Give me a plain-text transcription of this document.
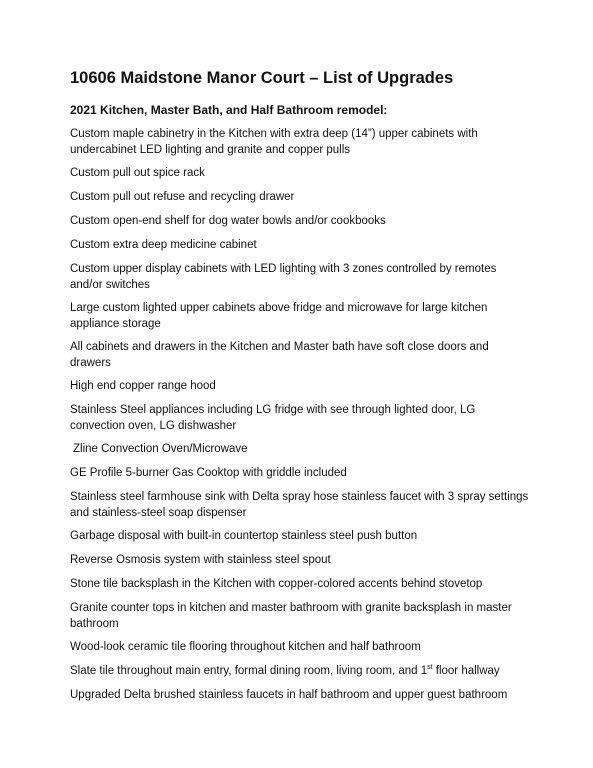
10606 Maidstone Manor Court – List of Upgrades
2021 Kitchen, Master Bath, and Half Bathroom remodel:
Custom maple cabinetry in the Kitchen with extra deep (14”) upper cabinets with undercabinet LED lighting and granite and copper pulls
Custom pull out spice rack
Custom pull out refuse and recycling drawer
Custom open-end shelf for dog water bowls and/or cookbooks
Custom extra deep medicine cabinet
Custom upper display cabinets with LED lighting with 3 zones controlled by remotes and/or switches
Large custom lighted upper cabinets above fridge and microwave for large kitchen appliance storage
All cabinets and drawers in the Kitchen and Master bath have soft close doors and drawers
High end copper range hood
Stainless Steel appliances including LG fridge with see through lighted door, LG convection oven, LG dishwasher
Zline Convection Oven/Microwave
GE Profile 5-burner Gas Cooktop with griddle included
Stainless steel farmhouse sink with Delta spray hose stainless faucet with 3 spray settings and stainless-steel soap dispenser
Garbage disposal with built-in countertop stainless steel push button
Reverse Osmosis system with stainless steel spout
Stone tile backsplash in the Kitchen with copper-colored accents behind stovetop
Granite counter tops in kitchen and master bathroom with granite backsplash in master bathroom
Wood-look ceramic tile flooring throughout kitchen and half bathroom
Slate tile throughout main entry, formal dining room, living room, and 1st floor hallway
Upgraded Delta brushed stainless faucets in half bathroom and upper guest bathroom
